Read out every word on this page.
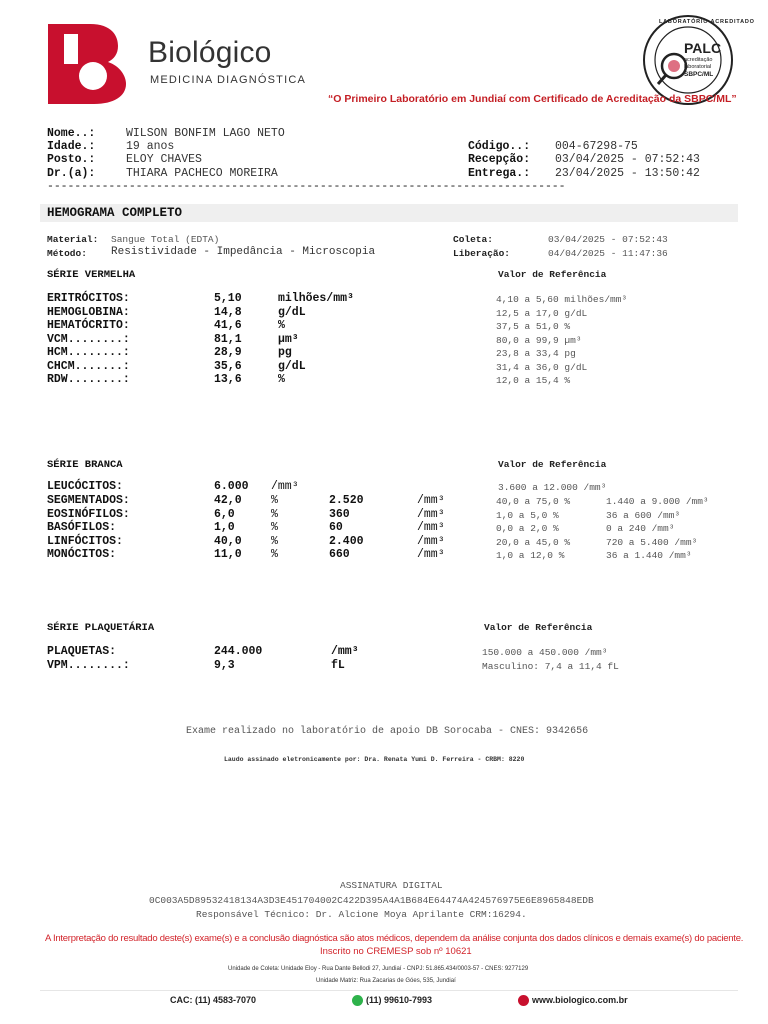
Biológico
MEDICINA DIAGNÓSTICA
LABORATÓRIO ACREDITADO
PALC
acreditação
laboratorial
SBPC/ML
“O Primeiro Laboratório em Jundiaí com Certificado de Acreditação da SBPC/ML”
Nome..:	WILSON BONFIM LAGO NETO
Idade.:	19 anos
Posto.:	ELOY CHAVES
Dr.(a):	THIARA PACHECO MOREIRA
Código..: 004-67298-75
Recepção: 03/04/2025 - 07:52:43
Entrega.: 23/04/2025 - 13:50:42
----------------------------------------------------------------------------
HEMOGRAMA COMPLETO
Material: Sangue Total (EDTA)
Método: Resistividade - Impedância - Microscopia
Coleta:	03/04/2025 - 07:52:43
Liberação:	04/04/2025 - 11:47:36
SÉRIE VERMELHA	Valor de Referência
ERITRÓCITOS:	5,10	milhões/mm³	4,10 a 5,60 milhões/mm³
HEMOGLOBINA:	14,8	g/dL	12,5 a 17,0 g/dL
HEMATÓCRITO:	41,6	%	37,5 a 51,0 %
VCM........:	81,1	µm³	80,0 a 99,9 µm³
HCM........:	28,9	pg	23,8 a 33,4 pg
CHCM.......:	35,6	g/dL	31,4 a 36,0 g/dL
RDW........:	13,6	%	12,0 a 15,4 %
SÉRIE BRANCA	Valor de Referência
LEUCÓCITOS:	6.000 /mm³	3.600 a 12.000 /mm³
SEGMENTADOS:	42,0	%	2.520	/mm³	40,0 a 75,0 %	1.440 a 9.000 /mm³
EOSINÓFILOS:	6,0	%	360	/mm³	1,0 a 5,0 %	36 a 600 /mm³
BASÓFILOS:	1,0	%	60	/mm³	0,0 a 2,0 %	0 a 240 /mm³
LINFÓCITOS:	40,0	%	2.400	/mm³	20,0 a 45,0 %	720 a 5.400 /mm³
MONÓCITOS:	11,0	%	660	/mm³	1,0 a 12,0 %	36 a 1.440 /mm³
SÉRIE PLAQUETÁRIA	Valor de Referência
PLAQUETAS:	244.000	/mm³	150.000 a 450.000 /mm³
VPM........:	9,3	fL	Masculino: 7,4 a 11,4 fL
Exame realizado no laboratório de apoio DB Sorocaba - CNES: 9342656
Laudo assinado eletronicamente por: Dra. Renata Yumi D. Ferreira - CRBM: 8220
ASSINATURA DIGITAL
0C003A5D89532418134A3D3E451704002C422D395A4A1B684E64474A424576975E6E8965848EDB
Responsável Técnico: Dr. Alcione Moya Aprilante CRM:16294.
A Interpretação do resultado deste(s) exame(s) e a conclusão diagnóstica são atos médicos, dependem da análise conjunta dos dados clínicos e demais exame(s) do paciente.
Inscrito no CREMESP sob nº 10621
Unidade de Coleta: Unidade Eloy - Rua Dante Bellodi 27, Jundiaí - CNPJ: 51.865.434/0003-57 - CNES: 9277129
Unidade Matriz: Rua Zacarias de Góes, 535, Jundiaí
CAC: (11) 4583-7070	(11) 99610-7993	www.biologico.com.br
